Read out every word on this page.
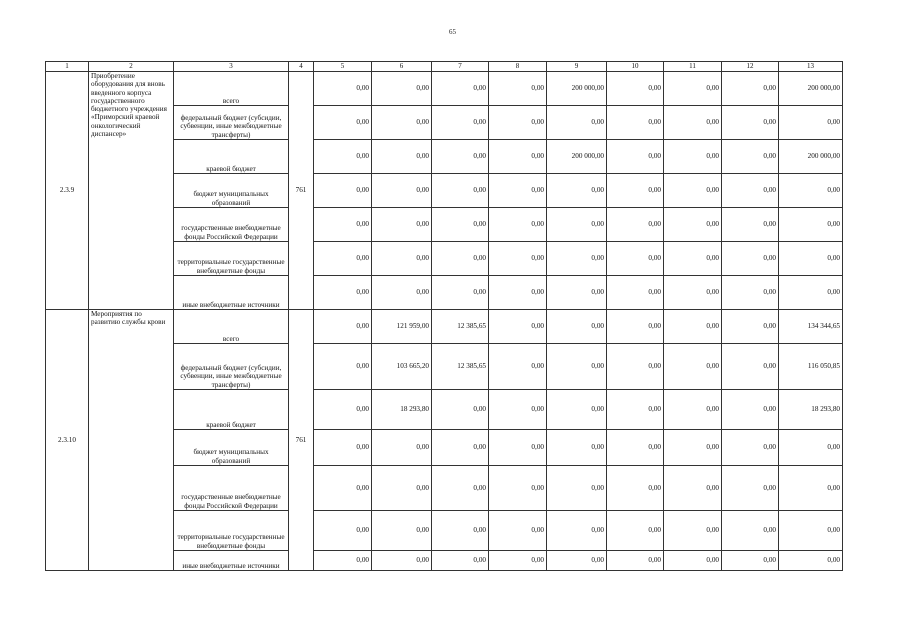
65
1	2	3	4	5	6	7	8	9	10	11	12	13
2.3.9	Приобретение оборудования для вновь введенного корпуса государственного бюджетного учреждения «Приморский краевой онкологический диспансер»	всего	761	0,00	0,00	0,00	0,00	200 000,00	0,00	0,00	0,00	200 000,00
		федеральный бюджет (субсидии, субвенции, иные межбюджетные трансферты)		0,00	0,00	0,00	0,00	0,00	0,00	0,00	0,00	0,00
		краевой бюджет		0,00	0,00	0,00	0,00	200 000,00	0,00	0,00	0,00	200 000,00
		бюджет муниципальных образований		0,00	0,00	0,00	0,00	0,00	0,00	0,00	0,00	0,00
		государственные внебюджетные фонды Российской Федерации		0,00	0,00	0,00	0,00	0,00	0,00	0,00	0,00	0,00
		территориальные государственные внебюджетные фонды		0,00	0,00	0,00	0,00	0,00	0,00	0,00	0,00	0,00
		иные внебюджетные источники		0,00	0,00	0,00	0,00	0,00	0,00	0,00	0,00	0,00
2.3.10	Мероприятия по развитию службы крови	всего	761	0,00	121 959,00	12 385,65	0,00	0,00	0,00	0,00	0,00	134 344,65
		федеральный бюджет (субсидии, субвенции, иные межбюджетные трансферты)		0,00	103 665,20	12 385,65	0,00	0,00	0,00	0,00	0,00	116 050,85
		краевой бюджет		0,00	18 293,80	0,00	0,00	0,00	0,00	0,00	0,00	18 293,80
		бюджет муниципальных образований		0,00	0,00	0,00	0,00	0,00	0,00	0,00	0,00	0,00
		государственные внебюджетные фонды Российской Федерации		0,00	0,00	0,00	0,00	0,00	0,00	0,00	0,00	0,00
		территориальные государственные внебюджетные фонды		0,00	0,00	0,00	0,00	0,00	0,00	0,00	0,00	0,00
		иные внебюджетные источники		0,00	0,00	0,00	0,00	0,00	0,00	0,00	0,00	0,00
